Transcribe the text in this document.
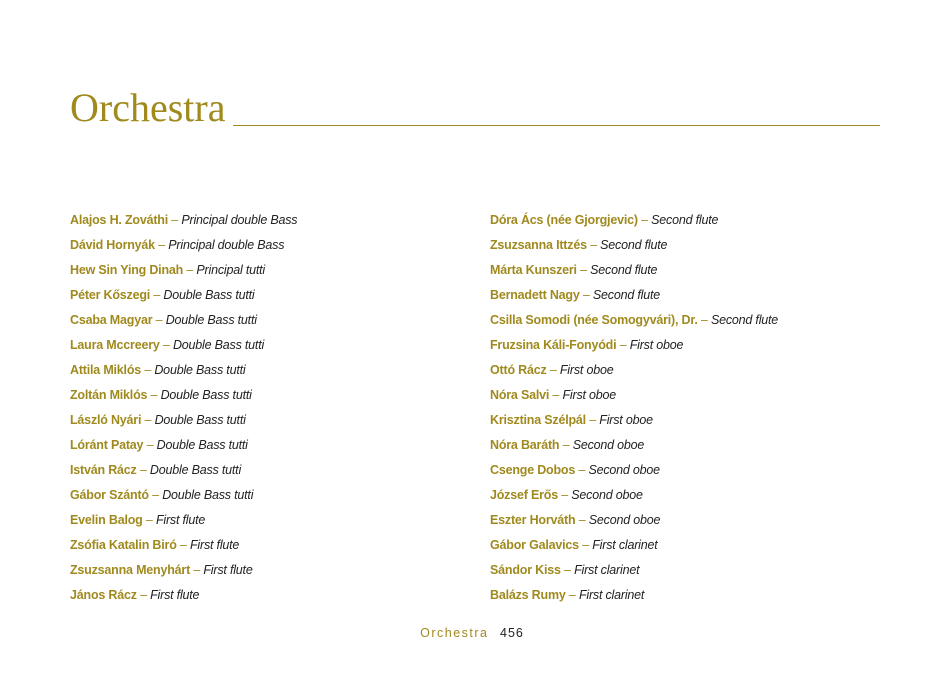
Orchestra
Alajos H. Zováthi – Principal double Bass
Dávid Hornyák – Principal double Bass
Hew Sin Ying Dinah – Principal tutti
Péter Kőszegi – Double Bass tutti
Csaba Magyar – Double Bass tutti
Laura Mccreery – Double Bass tutti
Attila Miklós – Double Bass tutti
Zoltán Miklós – Double Bass tutti
László Nyári – Double Bass tutti
Lóránt Patay – Double Bass tutti
István Rácz – Double Bass tutti
Gábor Szántó – Double Bass tutti
Evelin Balog – First flute
Zsófia Katalin Biró – First flute
Zsuzsanna Menyhárt – First flute
János Rácz – First flute
Dóra Ács (née Gjorgjevic) – Second flute
Zsuzsanna Ittzés – Second flute
Márta Kunszeri – Second flute
Bernadett Nagy – Second flute
Csilla Somodi (née Somogyvári), Dr. – Second flute
Fruzsina Káli-Fonyódi – First oboe
Ottó Rácz – First oboe
Nóra Salvi – First oboe
Krisztina Szélpál – First oboe
Nóra Baráth – Second oboe
Csenge Dobos – Second oboe
József Erős – Second oboe
Eszter Horváth – Second oboe
Gábor Galavics – First clarinet
Sándor Kiss – First clarinet
Balázs Rumy – First clarinet
Orchestra 456
